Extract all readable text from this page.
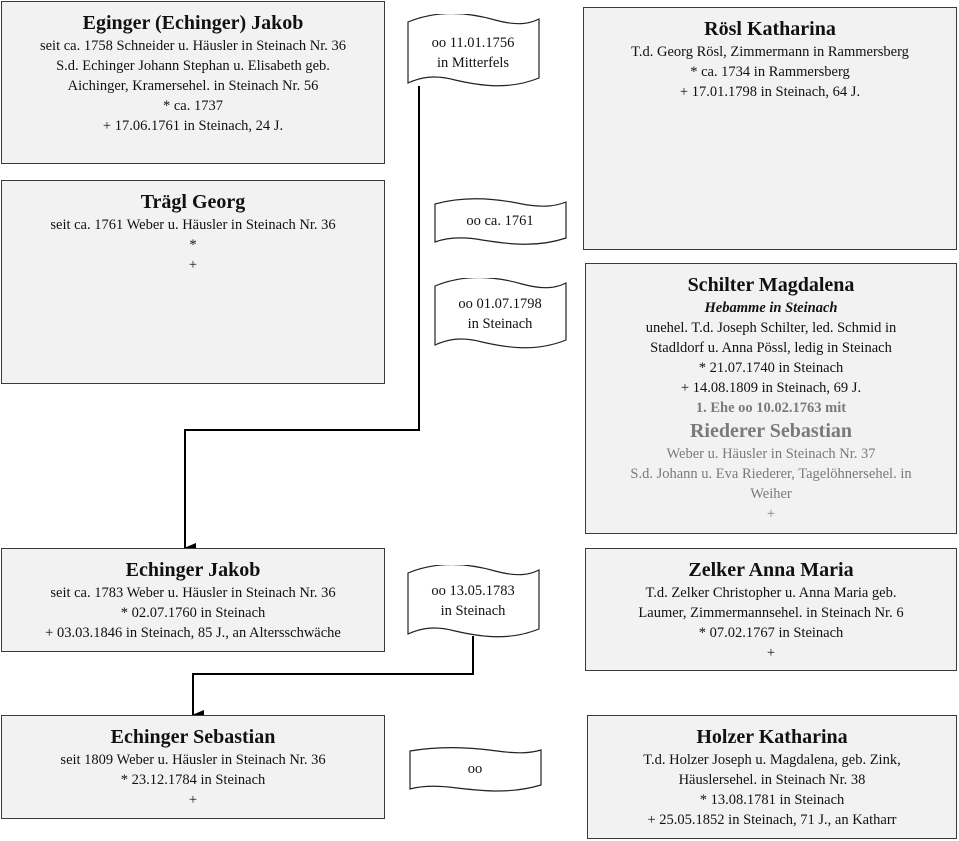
Eginger (Echinger) Jakob
seit ca. 1758 Schneider u. Häusler in Steinach Nr. 36
S.d. Echinger Johann Stephan u. Elisabeth geb.
Aichinger, Kramersehel. in Steinach Nr. 56
* ca. 1737
+ 17.06.1761 in Steinach, 24 J.
Trägl Georg
seit ca. 1761 Weber u. Häusler in Steinach Nr. 36
*
+
Rösl Katharina
T.d. Georg Rösl, Zimmermann in Rammersberg
* ca. 1734 in Rammersberg
+ 17.01.1798 in Steinach, 64 J.
Schilter Magdalena
Hebamme in Steinach
unehel. T.d. Joseph Schilter, led. Schmid in
Stadldorf u. Anna Pössl, ledig in Steinach
* 21.07.1740 in Steinach
+ 14.08.1809 in Steinach, 69 J.
1. Ehe oo 10.02.1763 mit
Riederer Sebastian
Weber u. Häusler in Steinach Nr. 37
S.d. Johann u. Eva Riederer, Tagelöhnersehel. in
Weiher
+
Echinger Jakob
seit ca. 1783 Weber u. Häusler in Steinach Nr. 36
* 02.07.1760 in Steinach
+ 03.03.1846 in Steinach, 85 J., an Altersschwäche
Zelker Anna Maria
T.d. Zelker Christopher u. Anna Maria geb.
Laumer, Zimmermannsehel. in Steinach Nr. 6
* 07.02.1767 in Steinach
+
Echinger Sebastian
seit 1809 Weber u. Häusler in Steinach Nr. 36
* 23.12.1784 in Steinach
+
Holzer Katharina
T.d. Holzer Joseph u. Magdalena, geb. Zink,
Häuslersehel. in Steinach Nr. 38
* 13.08.1781 in Steinach
+ 25.05.1852 in Steinach, 71 J., an Katharr
oo 11.01.1756
in Mitterfels
oo ca. 1761
oo 01.07.1798
in Steinach
oo 13.05.1783
in Steinach
oo
